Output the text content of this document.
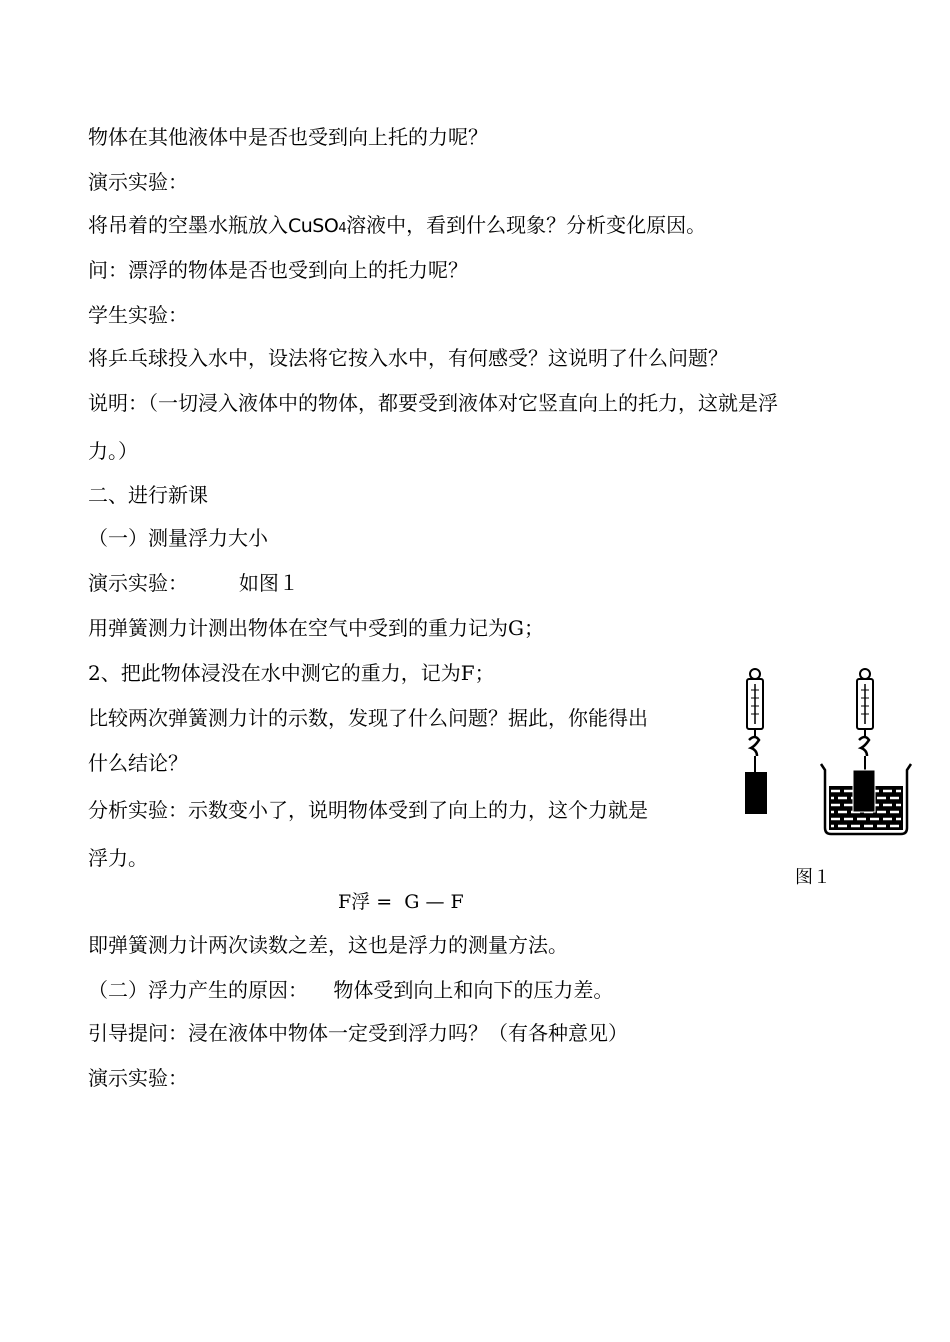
物体在其他液体中是否也受到向上托的力呢？
演示实验：
将吊着的空墨水瓶放入CuSO4溶液中，看到什么现象？分析变化原因。
问：漂浮的物体是否也受到向上的托力呢？
学生实验：
将乒乓球投入水中，设法将它按入水中，有何感受？这说明了什么问题？
说明：（一切浸入液体中的物体，都要受到液体对它竖直向上的托力，这就是浮
力。）
二、进行新课
（一）测量浮力大小
演示实验：        如图１
用弹簧测力计测出物体在空气中受到的重力记为G；
2、把此物体浸没在水中测它的重力，记为F；
比较两次弹簧测力计的示数，发现了什么问题？据此，你能得出
什么结论？
分析实验：示数变小了，说明物体受到了向上的力，这个力就是
浮力。
F浮 =  G — F
即弹簧测力计两次读数之差，这也是浮力的测量方法。
（二）浮力产生的原因：    物体受到向上和向下的压力差。
引导提问：浸在液体中物体一定受到浮力吗？（有各种意见）
演示实验：
图１
